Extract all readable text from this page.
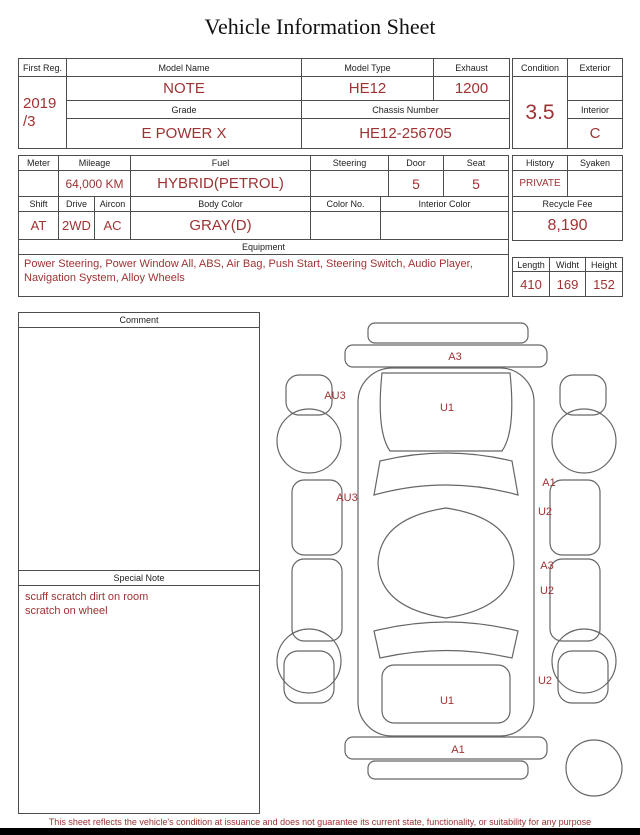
Vehicle Information Sheet
First Reg.	Model Name	Model Type	Exhaust

2019
/3	NOTE	HE12	1200
	Grade	Chassis Number	
	E POWER X	HE12-256705	
Condition	Exterior
3.5	
	Interior
	C
Meter	Mileage		Fuel	Steering		Door	Seat
	64,000 KM		HYBRID(PETROL)			5	5
Shift	Drive	Aircon	Body Color	Color No.	Interior Color		
AT	2WD	AC	GRAY(D)				
Equipment							
Power Steering, Power Window All, ABS, Air Bag, Push Start, Steering Switch, Audio Player, Navigation System, Alloy Wheels							
History	Syaken
PRIVATE	
Recycle Fee	
8,190	
Length	Widht	Height
410	169	152
Comment
Special Note
scuff scratch dirt on room
scratch on wheel
A3
AU3
U1
AU3
A1
U2
A3
U2
U2
U1
A1
This sheet reflects the vehicle's condition at issuance and does not guarantee its current state, functionality, or suitability for any purpose
